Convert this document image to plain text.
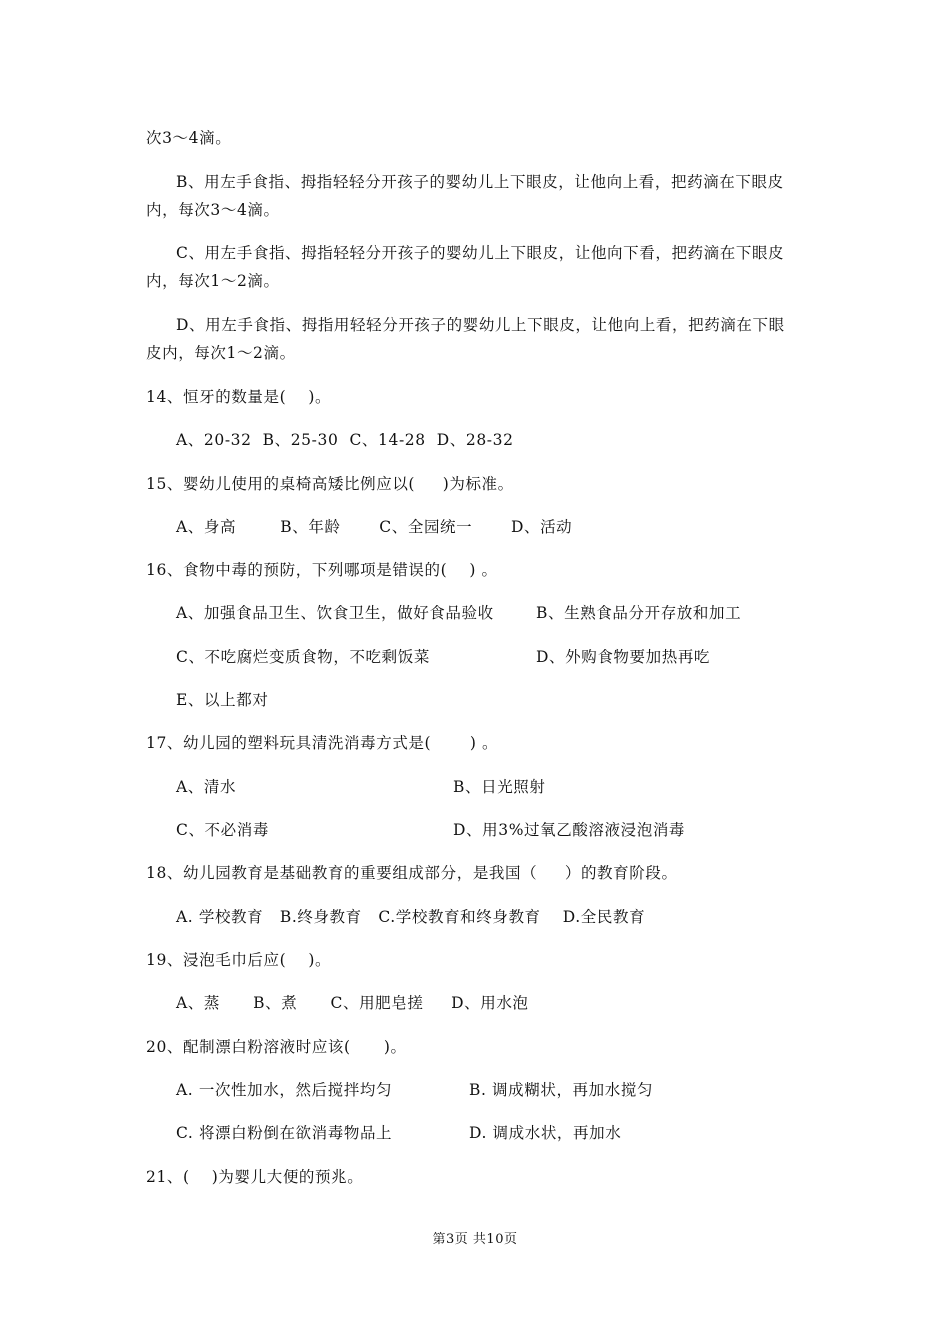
次3～4滴。
B、用左手食指、拇指轻轻分开孩子的婴幼儿上下眼皮，让他向上看，把药滴在下眼皮
内，每次3～4滴。
C、用左手食指、拇指轻轻分开孩子的婴幼儿上下眼皮，让他向下看，把药滴在下眼皮
内，每次1～2滴。
D、用左手食指、拇指用轻轻分开孩子的婴幼儿上下眼皮，让他向上看，把药滴在下眼
皮内，每次1～2滴。
14、恒牙的数量是(    )。
A、20-32  B、25-30  C、14-28  D、28-32
15、婴幼儿使用的桌椅高矮比例应以(     )为标准。
A、身高        B、年龄       C、全园统一       D、活动
16、食物中毒的预防，下列哪项是错误的(    ) 。
A、加强食品卫生、饮食卫生，做好食品验收	B、生熟食品分开存放和加工
C、不吃腐烂变质食物，不吃剩饭菜	D、外购食物要加热再吃
E、以上都对
17、幼儿园的塑料玩具清洗消毒方式是(       ) 。
A、清水	B、日光照射
C、不必消毒	D、用3%过氧乙酸溶液浸泡消毒
18、幼儿园教育是基础教育的重要组成部分，是我国（     ）的教育阶段。
A. 学校教育   B.终身教育   C.学校教育和终身教育    D.全民教育
19、浸泡毛巾后应(    )。
A、蒸      B、煮      C、用肥皂搓     D、用水泡
20、配制漂白粉溶液时应该(      )。
A. 一次性加水，然后搅拌均匀	B. 调成糊状，再加水搅匀
C. 将漂白粉倒在欲消毒物品上	D. 调成水状，再加水
21、(    )为婴儿大便的预兆。
第3页 共10页
